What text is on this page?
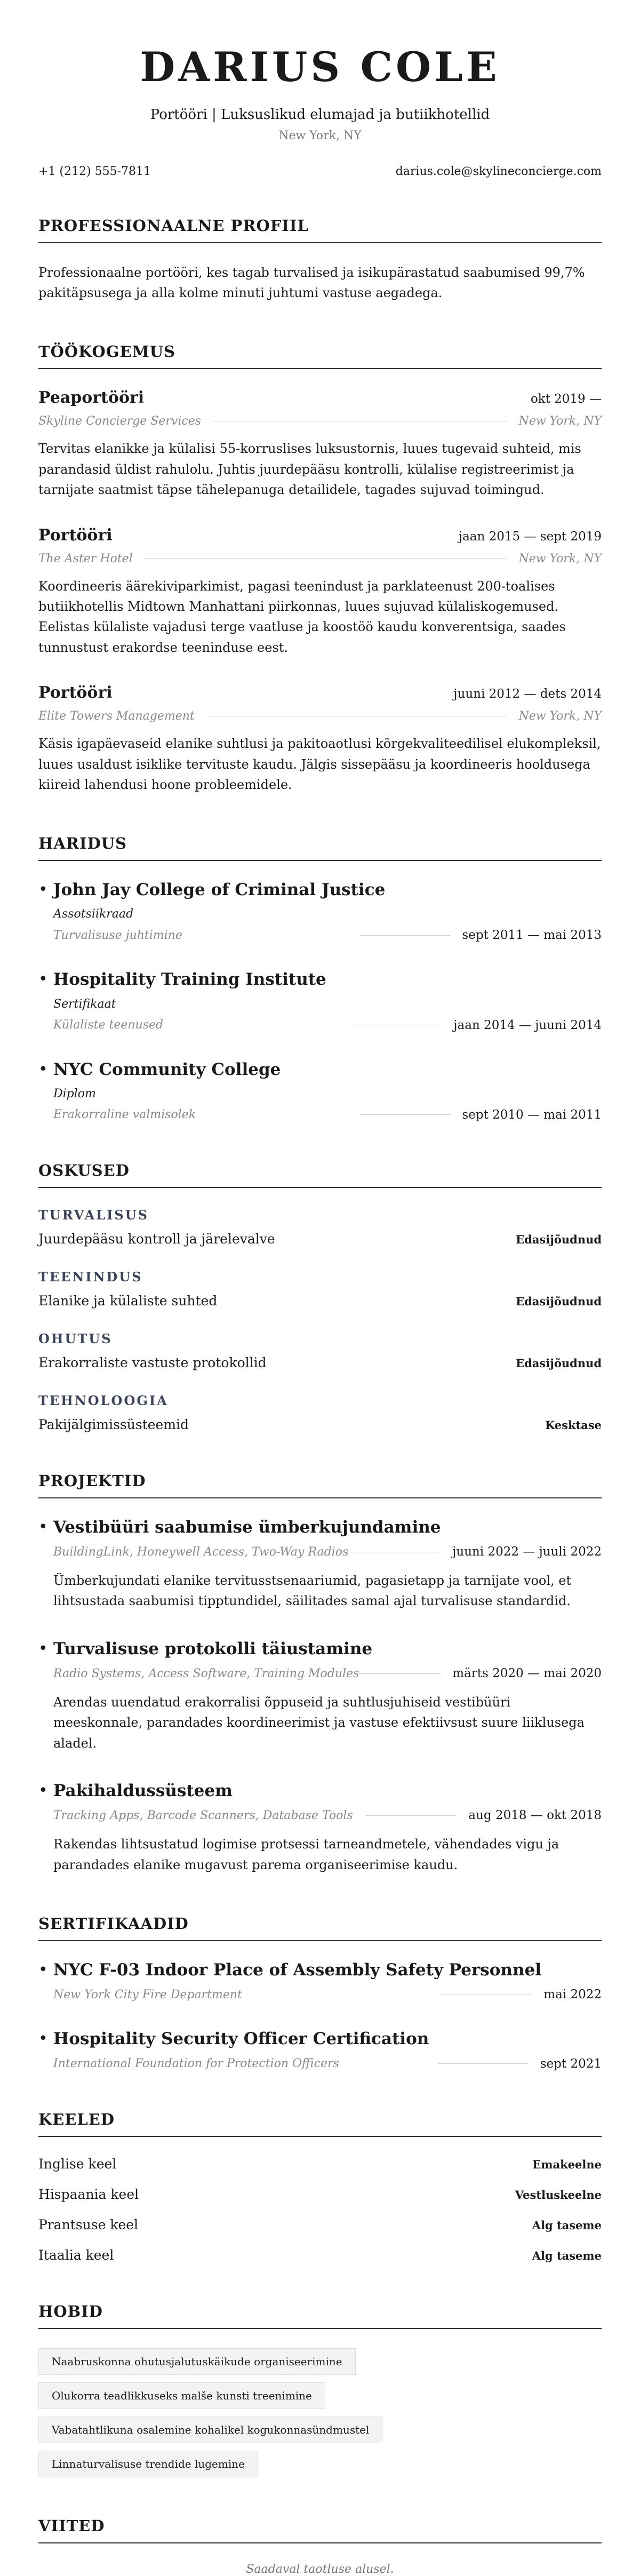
DARIUS COLE
Portööri | Luksuslikud elumajad ja butiikhotellid
New York, NY
+1 (212) 555-7811	darius.cole@skylineconcierge.com
PROFESSIONAALNE PROFIIL

Professionaalne portööri, kes tagab turvalised ja isikupärastatud saabumised 99,7% pakitäpsusega ja alla kolme minuti juhtumi vastuse aegadega.

TÖÖKOGEMUS
Peaportööri	okt 2019 —
Skyline Concierge Services	New York, NY

Tervitas elanikke ja külalisi 55-korruslises luksustornis, luues tugevaid suhteid, mis parandasid üldist rahulolu. Juhtis juurdepääsu kontrolli, külalise registreerimist ja tarnijate saatmist täpse tähelepanuga detailidele, tagades sujuvad toimingud.

Portööri	jaan 2015 — sept 2019
The Aster Hotel	New York, NY

Koordineeris äärekiviparkimist, pagasi teenindust ja parklateenust 200-toalises butiikhotellis Midtown Manhattani piirkonnas, luues sujuvad külaliskogemused. Eelistas külaliste vajadusi terge vaatluse ja koostöö kaudu konverentsiga, saades tunnustust erakordse teeninduse eest.

Portööri	juuni 2012 — dets 2014
Elite Towers Management	New York, NY

Käsis igapäevaseid elanike suhtlusi ja pakitoaotlusi kõrgekvaliteedilisel elukompleksil, luues usaldust isiklike tervituste kaudu. Jälgis sissepääsu ja koordineeris hooldusega kiireid lahendusi hoone probleemidele.

HARIDUS
• John Jay College of Criminal Justice
Assotsiikraad
Turvalisuse juhtimine	sept 2011 — mai 2013
• Hospitality Training Institute
Sertifikaat
Külaliste teenused	jaan 2014 — juuni 2014
• NYC Community College
Diplom
Erakorraline valmisolek	sept 2010 — mai 2011
OSKUSED
TURVALISUS
Juurdepääsu kontroll ja järelevalve	Edasijõudnud
TEENINDUS
Elanike ja külaliste suhted	Edasijõudnud
OHUTUS
Erakorraliste vastuste protokollid	Edasijõudnud
TEHNOLOOGIA
Pakijälgimissüsteemid	Kesktase
PROJEKTID
• Vestibüüri saabumise ümberkujundamine
BuildingLink, Honeywell Access, Two-Way Radios	juuni 2022 — juuli 2022

Ümberkujundati elanike tervitusstsenaariumid, pagasietapp ja tarnijate vool, et lihtsustada saabumisi tipptundidel, säilitades samal ajal turvalisuse standardid.

• Turvalisuse protokolli täiustamine
Radio Systems, Access Software, Training Modules	märts 2020 — mai 2020

Arendas uuendatud erakorralisi õppuseid ja suhtlusjuhiseid vestibüüri meeskonnale, parandades koordineerimist ja vastuse efektiivsust suure liiklusega aladel.

• Pakihaldussüsteem
Tracking Apps, Barcode Scanners, Database Tools	aug 2018 — okt 2018

Rakendas lihtsustatud logimise protsessi tarneandmetele, vähendades vigu ja parandades elanike mugavust parema organiseerimise kaudu.

SERTIFIKAADID
• NYC F-03 Indoor Place of Assembly Safety Personnel
New York City Fire Department	mai 2022
• Hospitality Security Officer Certification
International Foundation for Protection Officers	sept 2021
KEELED
Inglise keel	Emakeelne
Hispaania keel	Vestluskeelne
Prantsuse keel	Alg taseme
Itaalia keel	Alg taseme
HOBID
Naabruskonna ohutusjalutuskäikude organiseerimine
Olukorra teadlikkuseks malše kunsti treenimine
Vabatahtlikuna osalemine kohalikel kogukonnasündmustel
Linnaturvalisuse trendide lugemine
VIITED
Saadaval taotluse alusel.
